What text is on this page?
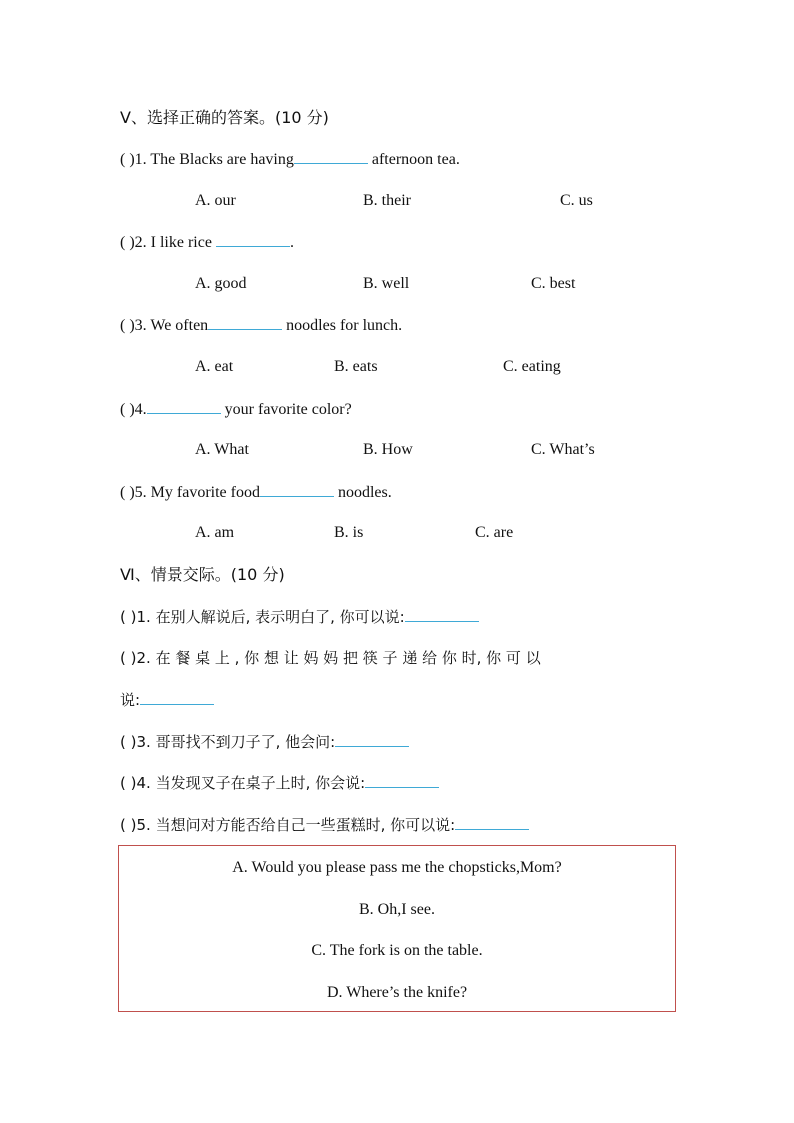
Ⅴ、选择正确的答案。(10 分)
( )1. The Blacks are having	afternoon tea.
A. our	B. their	C. us
( )2. I like rice	.
A. good	B. well	C. best
( )3. We often	noodles for lunch.
A. eat	B. eats	C. eating
( )4.	your favorite color?
A. What	B. How	C. What’s
( )5. My favorite food	noodles.
A. am	B. is	C. are
Ⅵ、情景交际。(10 分)
( )1. 在别人解说后, 表示明白了, 你可以说:
( )2. 在 餐 桌 上 , 你 想 让 妈 妈 把 筷 子 递 给 你 时, 你 可 以
说:
( )3. 哥哥找不到刀子了, 他会问:
( )4. 当发现叉子在桌子上时, 你会说:
( )5. 当想问对方能否给自己一些蛋糕时, 你可以说:
A. Would you please pass me the chopsticks,Mom?
B. Oh,I see.
C. The fork is on the table.
D. Where’s the knife?
